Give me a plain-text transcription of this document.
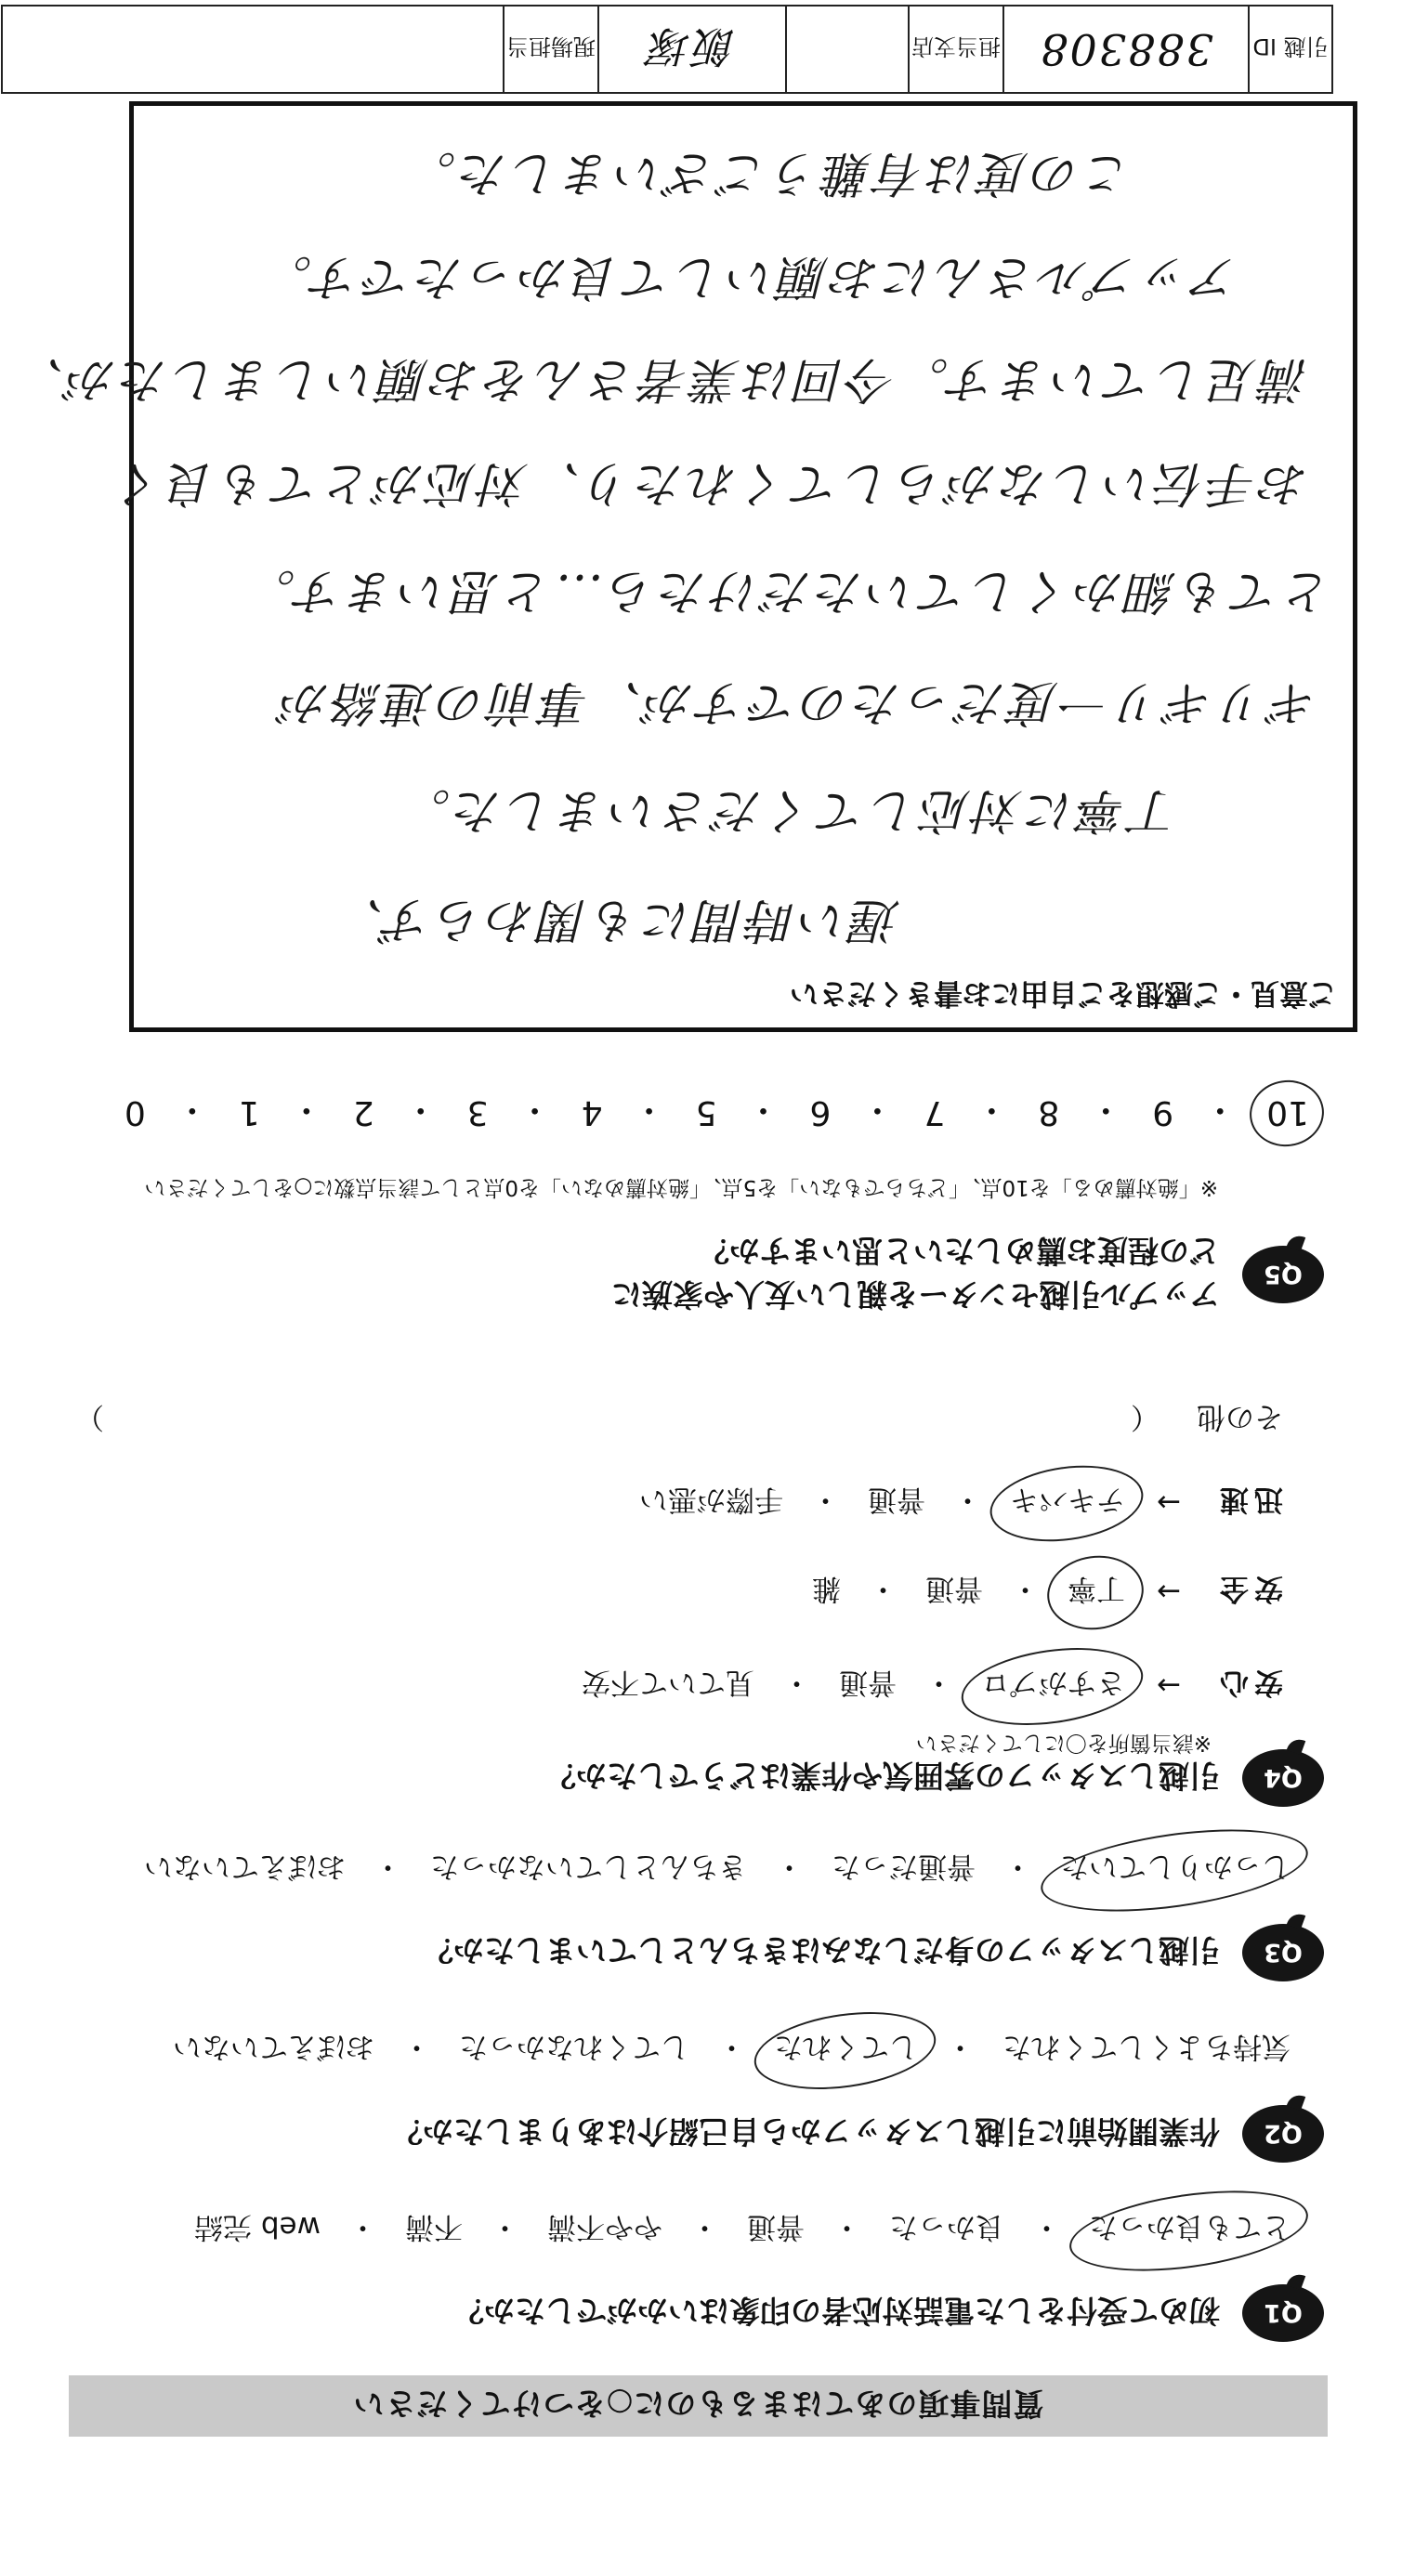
質問事項のあてはまるものに○をつけてください
Q1
初めて受付をした電話対応者の印象はいかがでしたか？
とても良かった
・
良かった
・
普通
・
やや不満
・
不満
・
web 完結
Q2
作業開始前に引越しスタッフから自己紹介はありましたか？
気持ちよくしてくれた
・
してくれた
・
してくれなかった
・
おぼえていない
Q3
引越しスタッフの身だしなみはきちんとしていましたか？
しっかりしていた
・
普通だった
・
きちんとしていなかった
・
おぼえていない
Q4
引越しスタッフの雰囲気や作業はどうでしたか？
※該当箇所を〇にしてください
安心
→
さすがプロ
・
普通
・
見ていて不安
安全
→
丁寧
・
普通
・
雑
迅速
→
テキパキ
・
普通
・
手際が悪い
その他
（
）
Q5
アップル引越センターを親しい友人や家族に
どの程度お薦めしたいと思いますか？
※「絶対薦める」を10点、「どちらでもない」を5点、「絶対薦めない」を0点として該当点数に○をしてください
10
・
9
・
8
・
7
・
6
・
5
・
4
・
3
・
2
・
1
・
0
ご意見・ご感想をご自由にお書きください
遅い時間にも関わらず、
丁寧に対応してくださいました。
ギリギリ一度だったのですが、事前の連絡が
とても細かくしていただけたら…と思います。
お手伝いしながらしてくれたり、対応がとても良く
満足しています。今回は業者さんをお願いしましたが、
アップルさんにお願いして良かったです。
この度は有難うございました。
引越 ID
388308
担当支店
飯塚
現場担当
